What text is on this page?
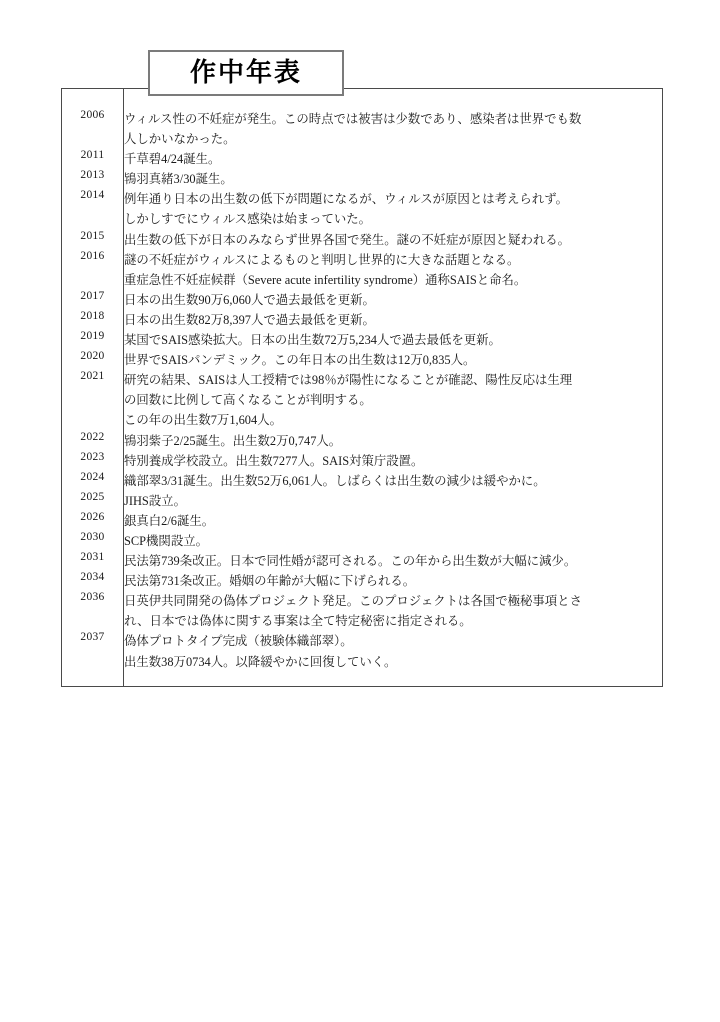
作中年表
2006	ウィルス性の不妊症が発生。この時点では被害は少数であり、感染者は世界でも数
人しかいなかった。

2011	千草碧4/24誕生。

2013	鴇羽真緒3/30誕生。

2014	例年通り日本の出生数の低下が問題になるが、ウィルスが原因とは考えられず。
しかしすでにウィルス感染は始まっていた。

2015	出生数の低下が日本のみならず世界各国で発生。謎の不妊症が原因と疑われる。

2016	謎の不妊症がウィルスによるものと判明し世界的に大きな話題となる。
重症急性不妊症候群（Severe acute infertility syndrome）通称SAISと命名。

2017	日本の出生数90万6,060人で過去最低を更新。

2018	日本の出生数82万8,397人で過去最低を更新。

2019	某国でSAIS感染拡大。日本の出生数72万5,234人で過去最低を更新。

2020	世界でSAISパンデミック。この年日本の出生数は12万0,835人。

2021	研究の結果、SAISは人工授精では98％が陽性になることが確認、陽性反応は生理
の回数に比例して高くなることが判明する。
この年の出生数7万1,604人。

2022	鴇羽紫子2/25誕生。出生数2万0,747人。

2023	特別養成学校設立。出生数7277人。SAIS対策庁設置。

2024	織部翠3/31誕生。出生数52万6,061人。しばらくは出生数の減少は緩やかに。

2025	JIHS設立。

2026	銀真白2/6誕生。

2030	SCP機関設立。

2031	民法第739条改正。日本で同性婚が認可される。この年から出生数が大幅に減少。

2034	民法第731条改正。婚姻の年齢が大幅に下げられる。

2036	日英伊共同開発の偽体プロジェクト発足。このプロジェクトは各国で極秘事項とさ
れ、日本では偽体に関する事案は全て特定秘密に指定される。

2037	偽体プロトタイプ完成（被験体織部翠）。
出生数38万0734人。以降緩やかに回復していく。
